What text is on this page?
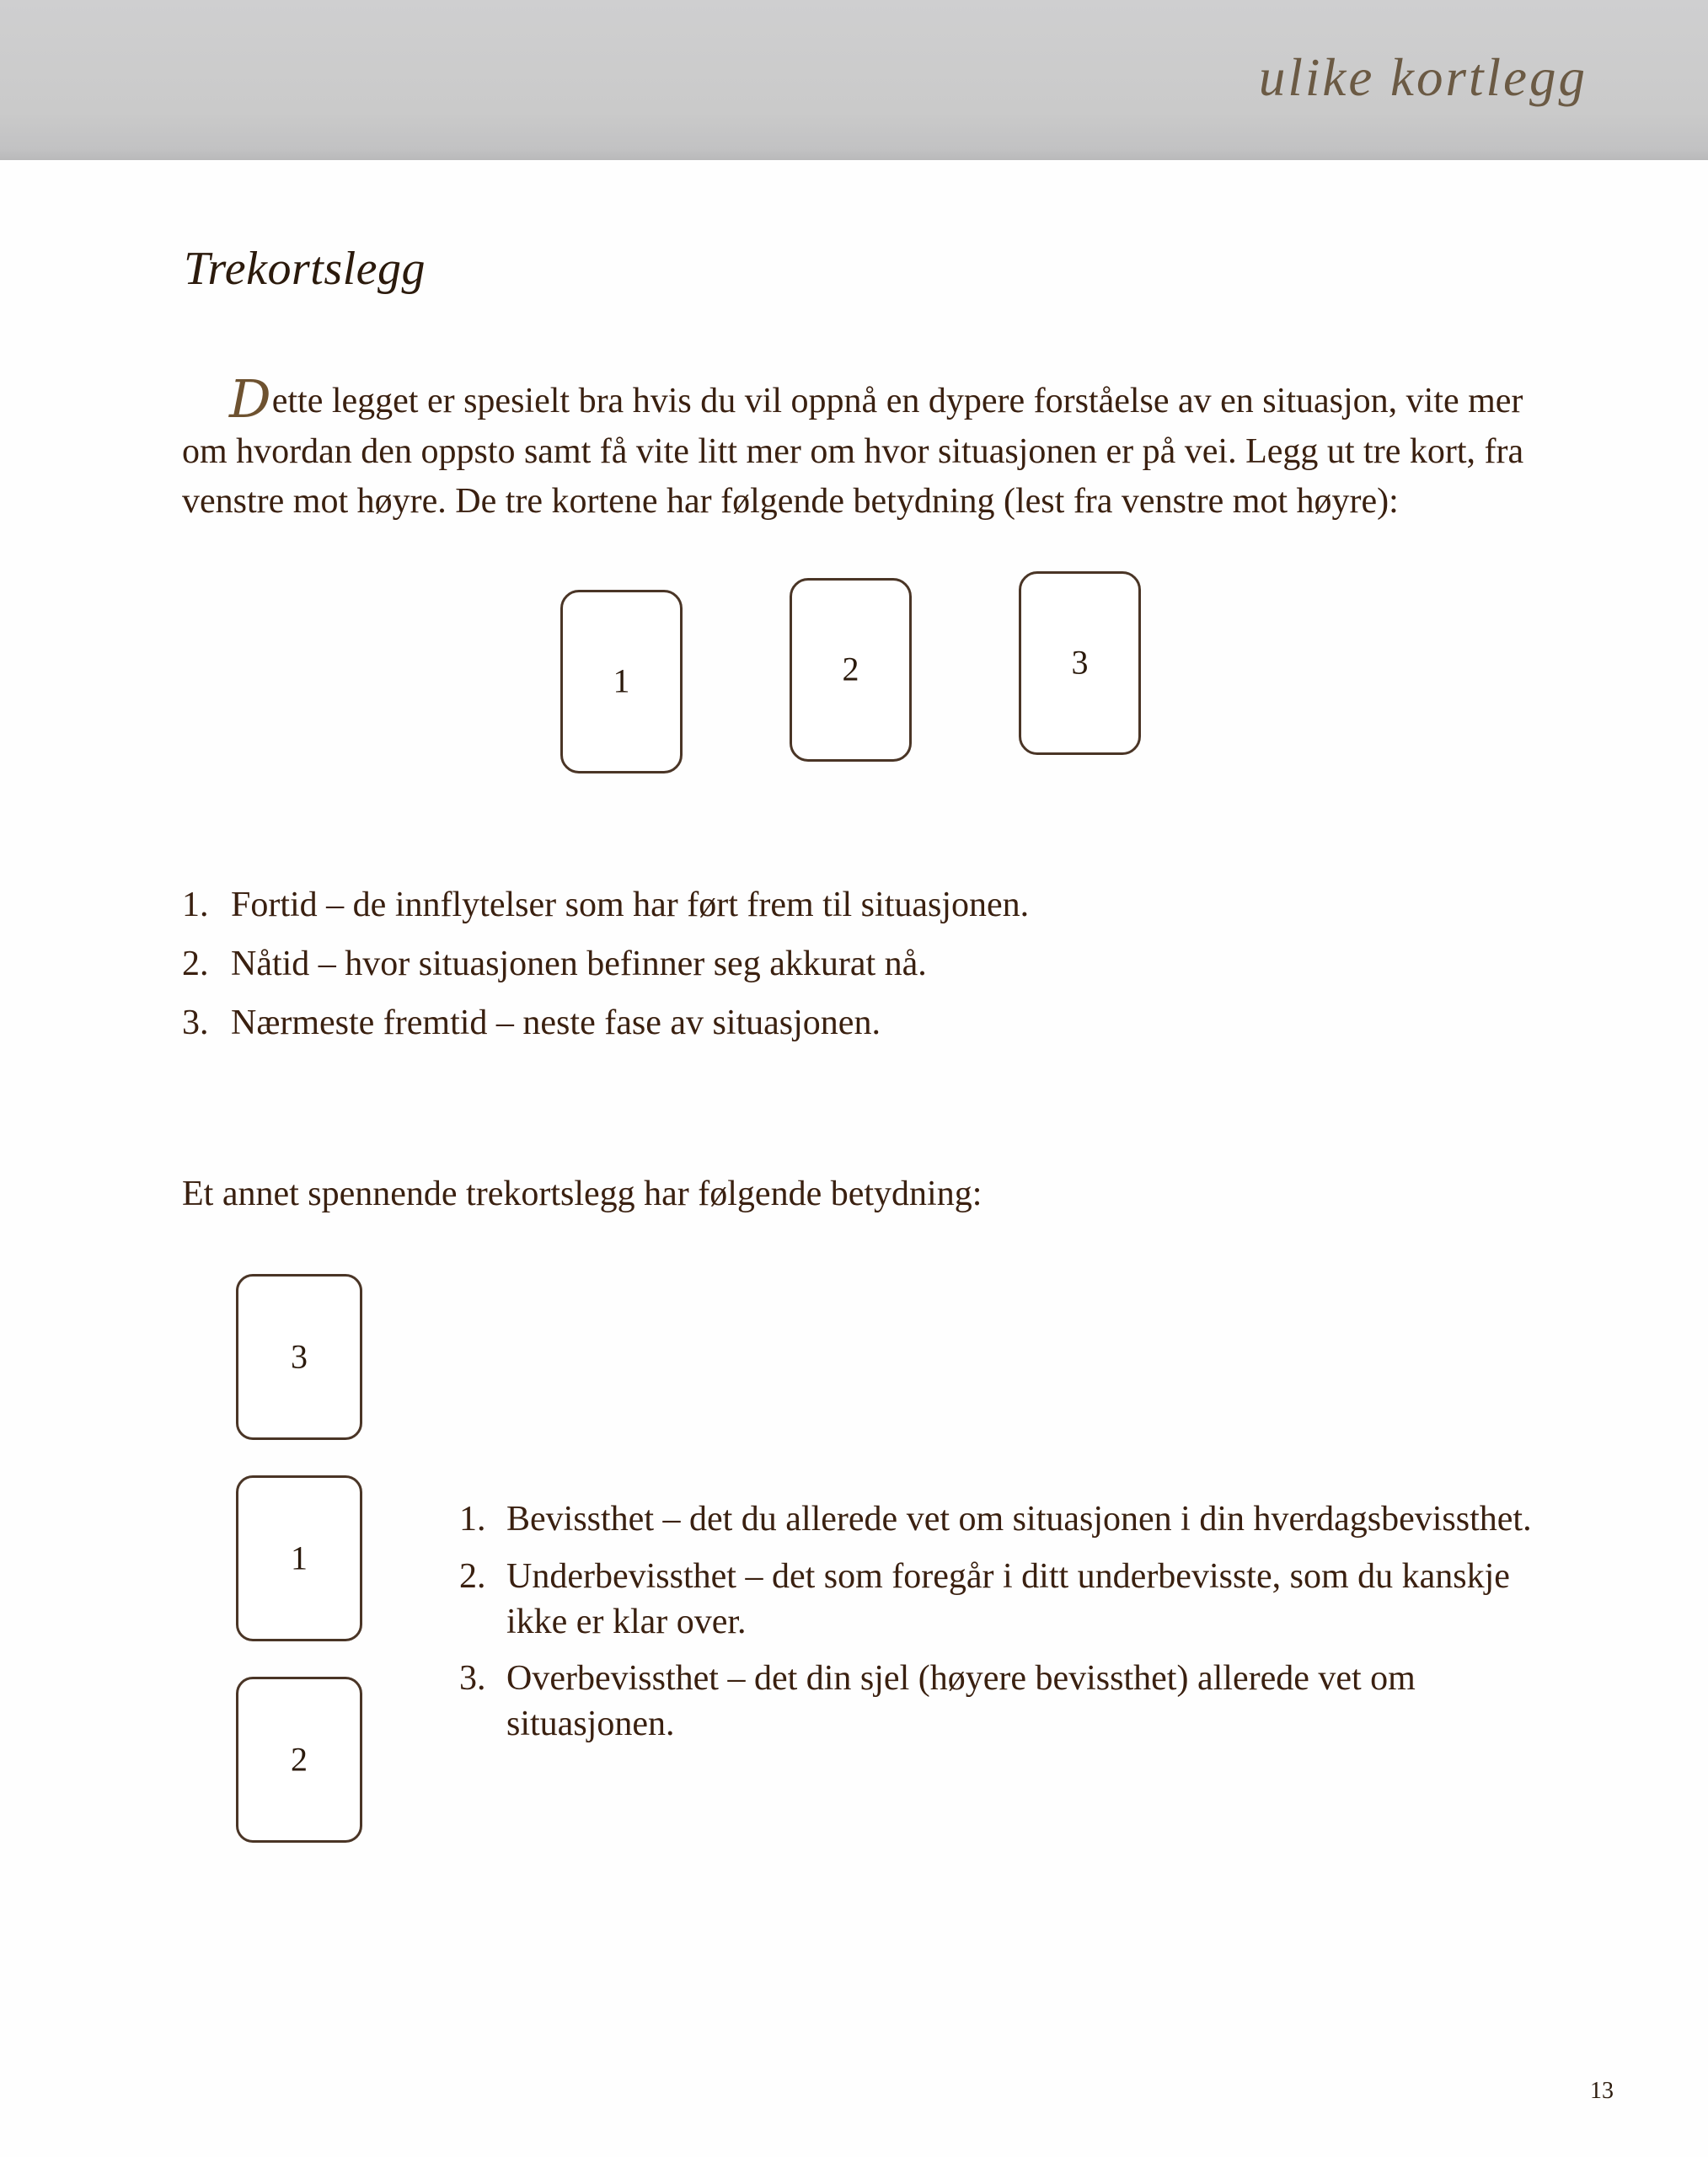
ulike kortlegg
Trekortslegg

Dette legget er spesielt bra hvis du vil oppnå en dypere forståelse av en situasjon, vite mer om hvordan den oppsto samt få vite litt mer om hvor situasjonen er på vei. Legg ut tre kort, fra venstre mot høyre. De tre kortene har følgende betydning (lest fra venstre mot høyre):

1	2	3
1. Fortid – de innflytelser som har ført frem til situasjonen.
2. Nåtid – hvor situasjonen befinner seg akkurat nå.
3. Nærmeste fremtid – neste fase av situasjonen.

Et annet spennende trekortslegg har følgende betydning:

3
1
2
1. Bevissthet – det du allerede vet om situasjonen i din hverdagsbevissthet.
2. Underbevissthet – det som foregår i ditt underbevisste, som du kanskje ikke er klar over.
3. Overbevissthet – det din sjel (høyere bevissthet) allerede vet om situasjonen.
13
